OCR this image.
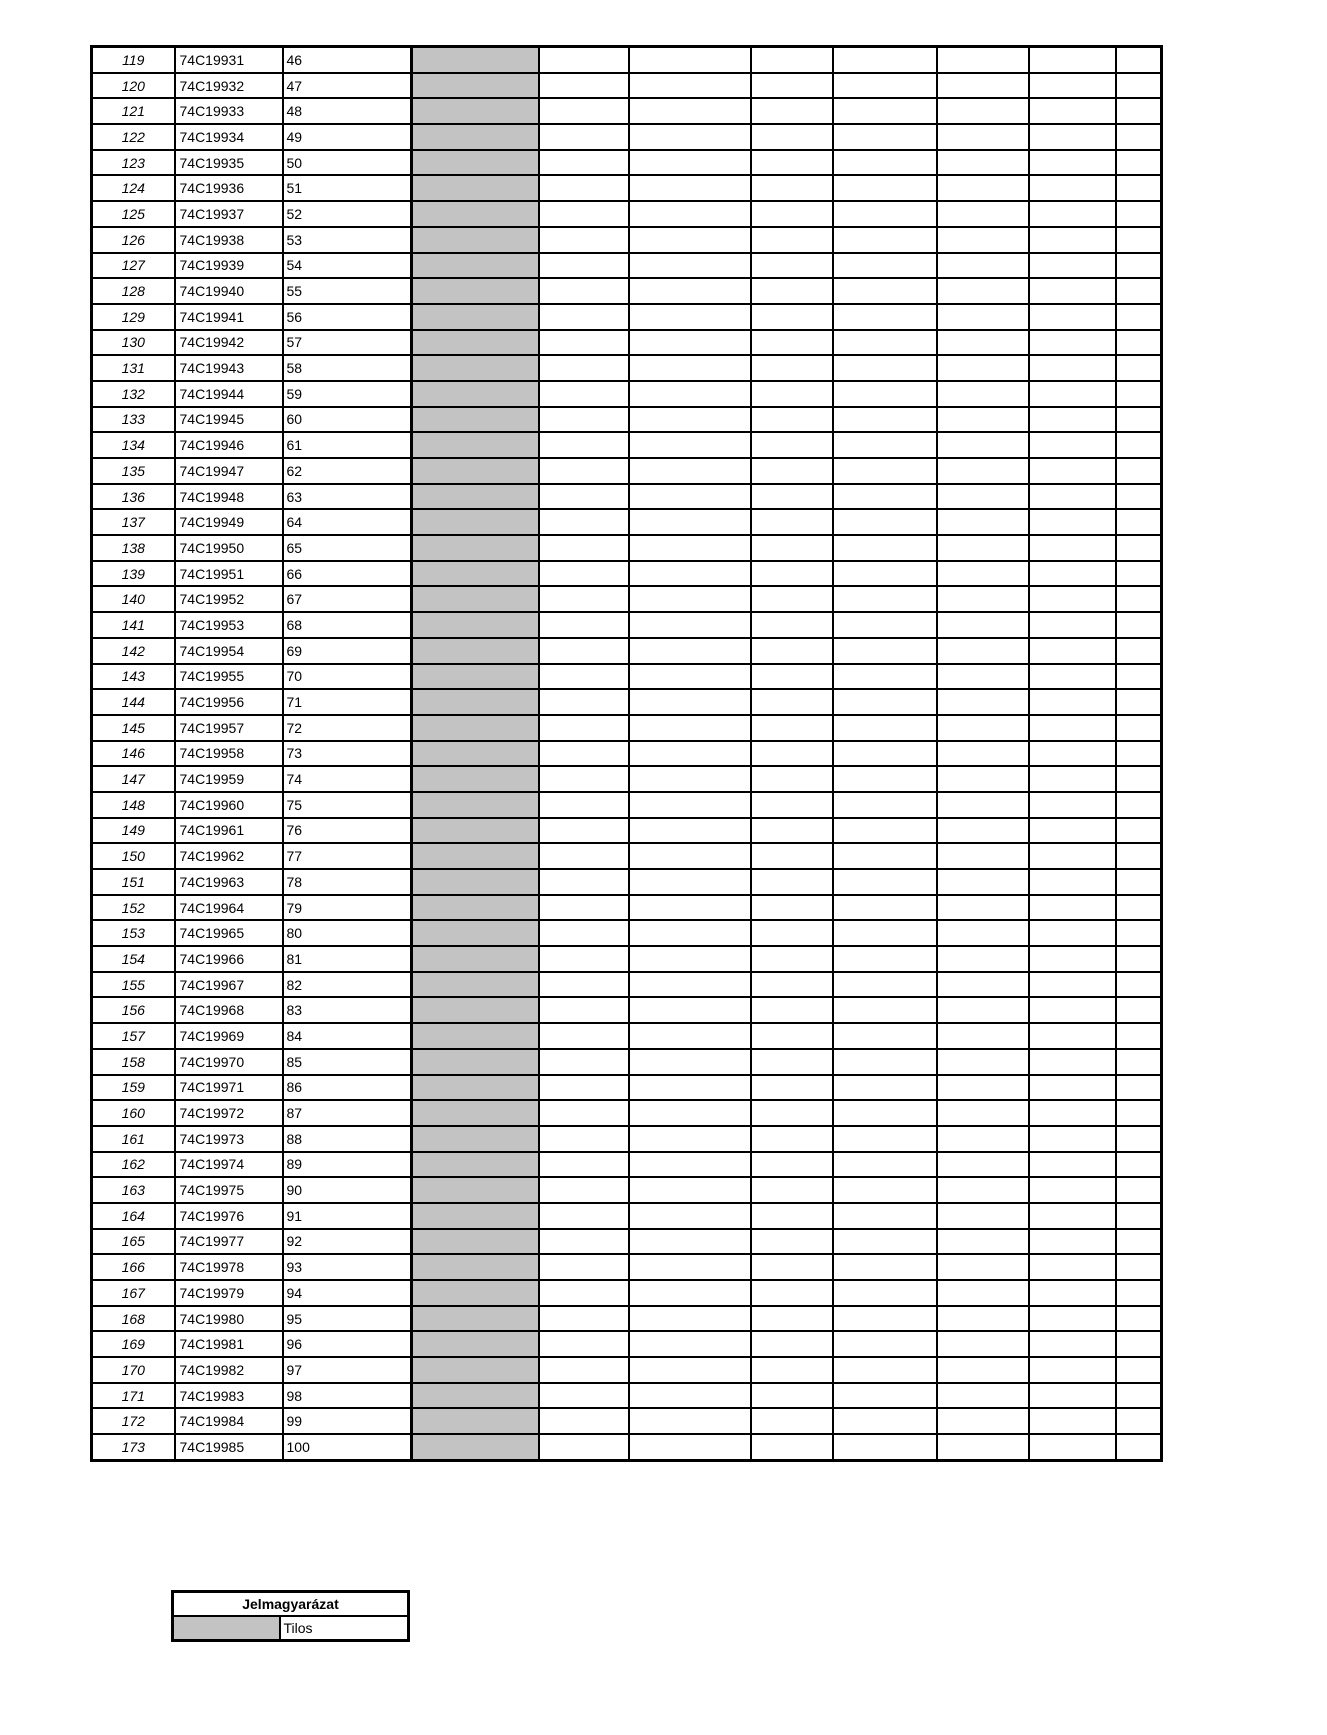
119	74C19931	46								
120	74C19932	47								
121	74C19933	48								
122	74C19934	49								
123	74C19935	50								
124	74C19936	51								
125	74C19937	52								
126	74C19938	53								
127	74C19939	54								
128	74C19940	55								
129	74C19941	56								
130	74C19942	57								
131	74C19943	58								
132	74C19944	59								
133	74C19945	60								
134	74C19946	61								
135	74C19947	62								
136	74C19948	63								
137	74C19949	64								
138	74C19950	65								
139	74C19951	66								
140	74C19952	67								
141	74C19953	68								
142	74C19954	69								
143	74C19955	70								
144	74C19956	71								
145	74C19957	72								
146	74C19958	73								
147	74C19959	74								
148	74C19960	75								
149	74C19961	76								
150	74C19962	77								
151	74C19963	78								
152	74C19964	79								
153	74C19965	80								
154	74C19966	81								
155	74C19967	82								
156	74C19968	83								
157	74C19969	84								
158	74C19970	85								
159	74C19971	86								
160	74C19972	87								
161	74C19973	88								
162	74C19974	89								
163	74C19975	90								
164	74C19976	91								
165	74C19977	92								
166	74C19978	93								
167	74C19979	94								
168	74C19980	95								
169	74C19981	96								
170	74C19982	97								
171	74C19983	98								
172	74C19984	99								
173	74C19985	100								
Jelmagyarázat
	Tilos
